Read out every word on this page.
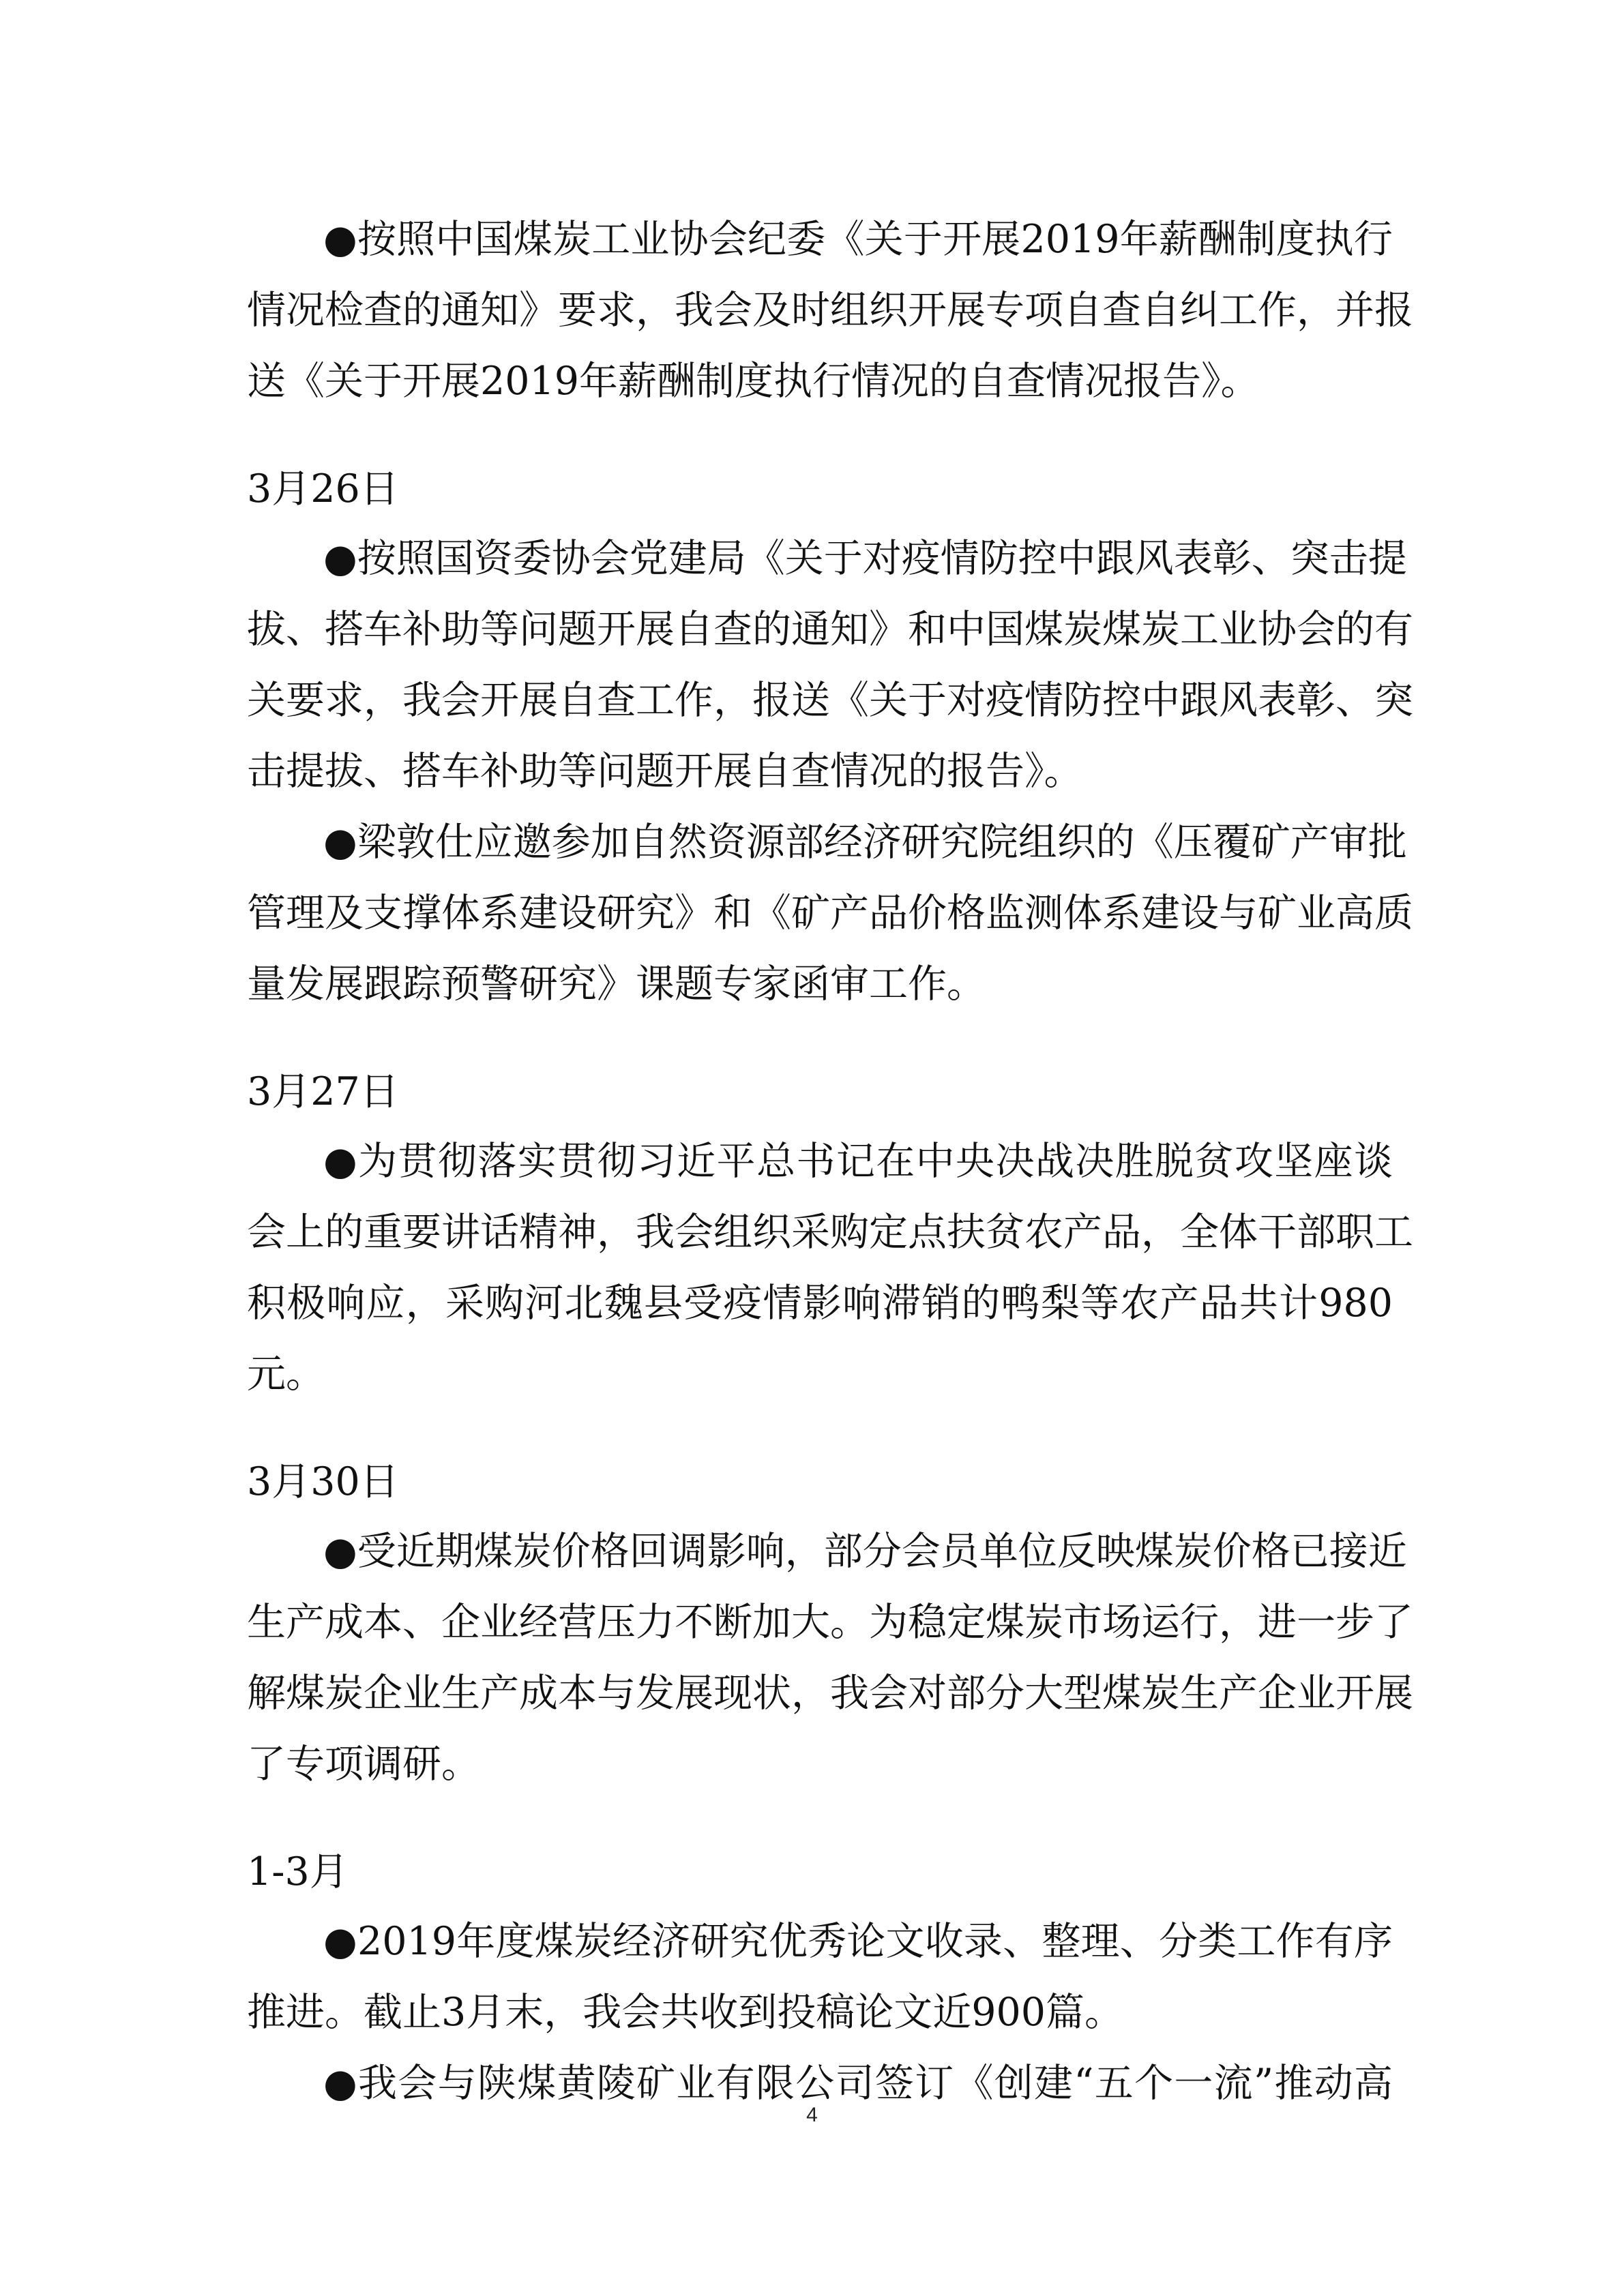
●按照中国煤炭工业协会纪委《关于开展2019年薪酬制度执行
情况检查的通知》要求，我会及时组织开展专项自查自纠工作，并报
送《关于开展2019年薪酬制度执行情况的自查情况报告》。
3月26日
●按照国资委协会党建局《关于对疫情防控中跟风表彰、突击提
拔、搭车补助等问题开展自查的通知》和中国煤炭煤炭工业协会的有
关要求，我会开展自查工作，报送《关于对疫情防控中跟风表彰、突
击提拔、搭车补助等问题开展自查情况的报告》。
●梁敦仕应邀参加自然资源部经济研究院组织的《压覆矿产审批
管理及支撑体系建设研究》和《矿产品价格监测体系建设与矿业高质
量发展跟踪预警研究》课题专家函审工作。
3月27日
●为贯彻落实贯彻习近平总书记在中央决战决胜脱贫攻坚座谈
会上的重要讲话精神，我会组织采购定点扶贫农产品，全体干部职工
积极响应，采购河北魏县受疫情影响滞销的鸭梨等农产品共计980
元。
3月30日
●受近期煤炭价格回调影响，部分会员单位反映煤炭价格已接近
生产成本、企业经营压力不断加大。为稳定煤炭市场运行，进一步了
解煤炭企业生产成本与发展现状，我会对部分大型煤炭生产企业开展
了专项调研。
1-3月
●2019年度煤炭经济研究优秀论文收录、整理、分类工作有序
推进。截止3月末，我会共收到投稿论文近900篇。
●我会与陕煤黄陵矿业有限公司签订《创建“五个一流”推动高
4
